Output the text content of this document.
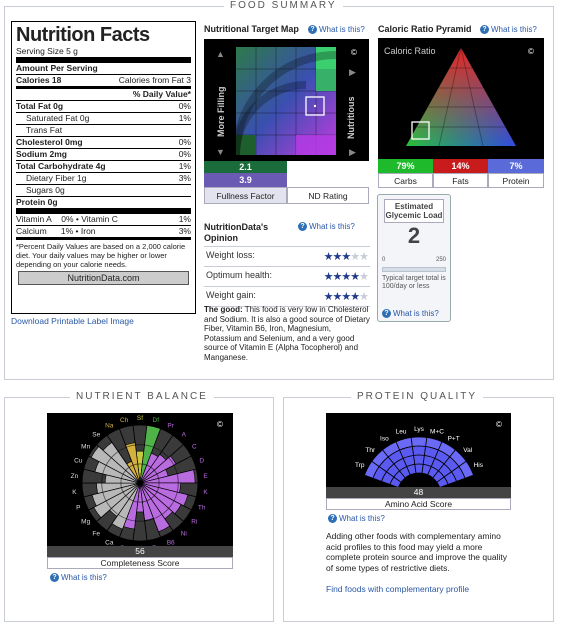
FOOD SUMMARY
Nutrition Facts
Serving Size 5 g
Amount Per Serving
Calories 18	Calories from Fat 3
% Daily Value*
Total Fat 0g	0%
Saturated Fat 0g	1%
Trans Fat
Cholesterol 0mg	0%
Sodium 2mg	0%
Total Carbohydrate 4g	1%
Dietary Fiber 1g	3%
Sugars 0g
Protein 0g
Vitamin A 0% • Vitamin C	1%
Calcium 1% • Iron	3%
*Percent Daily Values are based on a 2,000 calorie diet. Your daily values may be higher or lower depending on your calorie needs.
NutritionData.com
Download Printable Label Image
Nutritional Target Map	? What is this?
©
▲
▼
▶
▶
More Filling	Nutritious
2.1
3.9
Fullness Factor	ND Rating
Caloric Ratio Pyramid	? What is this?
Caloric Ratio	©
79%	14%	7%
Carbs	Fats	Protein
NutritionData's Opinion
? What is this?
Weight loss:	★★★★★
Optimum health:	★★★★★
Weight gain:	★★★★★
The good: This food is very low in Cholesterol and Sodium. It is also a good source of Dietary Fiber, Vitamin B6, Iron, Magnesium, Potassium and Selenium, and a very good source of Vitamin E (Alpha Tocopherol) and Manganese.
Estimated Glycemic Load
2
0	250
Typical target total is 100/day or less
? What is this?
NUTRIENT BALANCE
Sf Df
Pr
A
C
D
E
K
Th
Ri
Ni
B6
Ca
Fe
Mg
P
K
Zn
Cu
Mn
Se
Na
Ch	©
56
Completeness Score
? What is this?
PROTEIN QUALITY
Trp
Thr
Iso
Leu Lys M+C
P+T
Val
His
©
48
Amino Acid Score
? What is this?
Adding other foods with complementary amino acid profiles to this food may yield a more complete protein source and improve the quality of some types of restrictive diets.
Find foods with complementary profile
